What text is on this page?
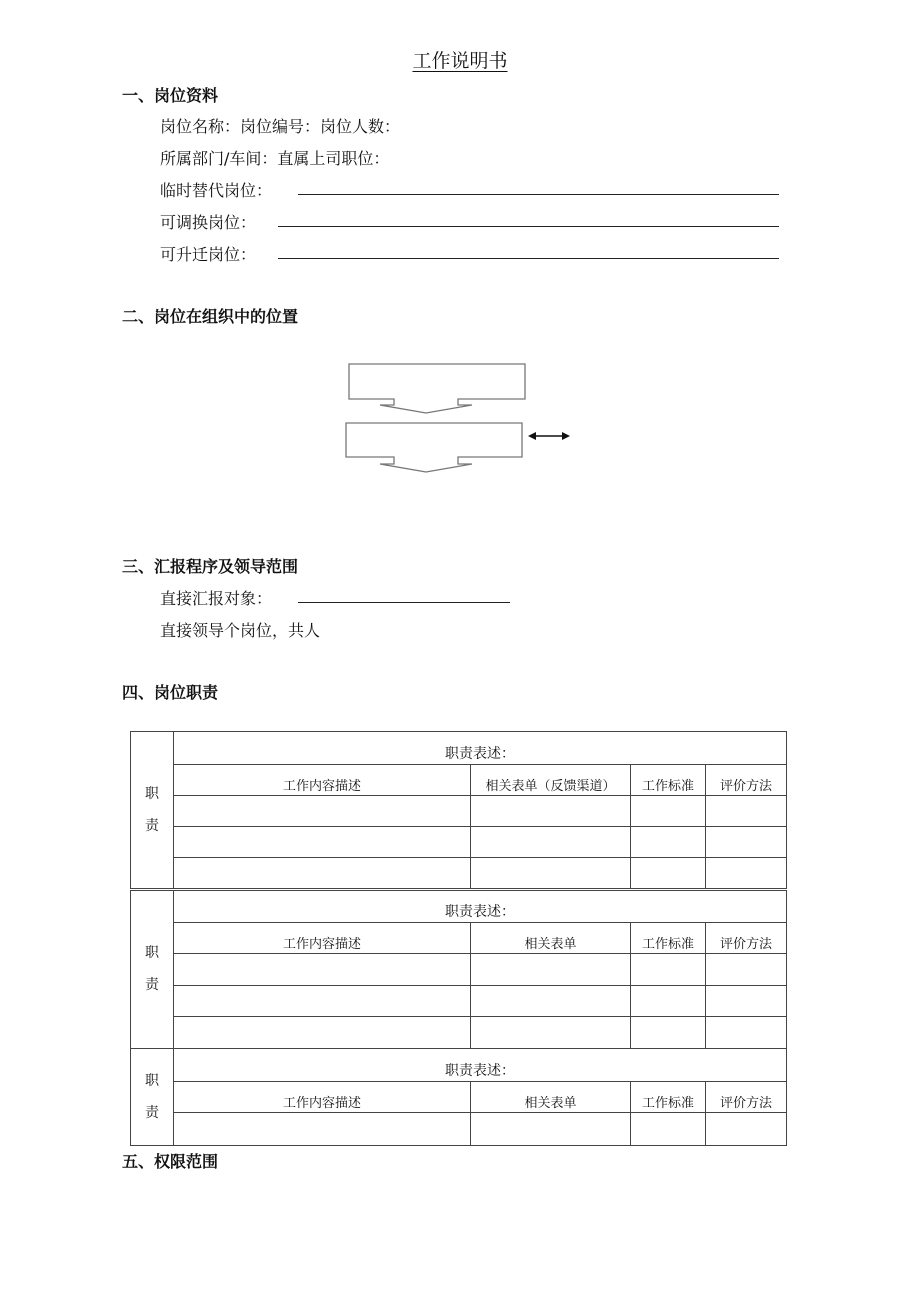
工作说明书
一、岗位资料
岗位名称：岗位编号：岗位人数：
所属部门/车间：直属上司职位：
临时替代岗位：
可调换岗位：
可升迁岗位：
二、岗位在组织中的位置
三、汇报程序及领导范围
直接汇报对象：
直接领导个岗位，共人
四、岗位职责
职
责	职责表述：			
	工作内容描述	相关表单（反馈渠道）	工作标准	评价方法

职
责	职责表述：			
	工作内容描述	相关表单	工作标准	评价方法

职
责	职责表述：			
	工作内容描述	相关表单	工作标准	评价方法

五、权限范围
